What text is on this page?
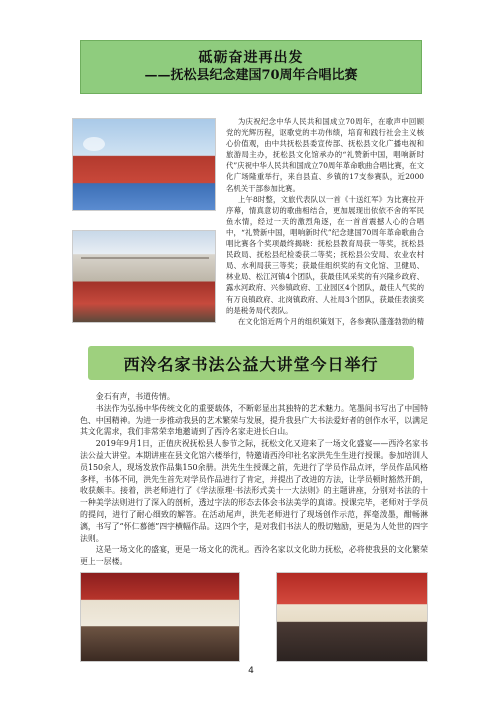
砥砺奋进再出发
——抚松县纪念建国70周年合唱比赛

为庆祝纪念中华人民共和国成立70周年，在歌声中回顾党的光辉历程，讴歌党的丰功伟绩，培育和践行社会主义核心价值观，由中共抚松县委宣传部、抚松县文化广播电视和旅游局主办，抚松县文化馆承办的“礼赞新中国，唱响新时代”庆祝中华人民共和国成立70周年革命歌曲合唱比赛，在文化广场隆重举行，来自县直、乡镇的17支参赛队，近2000名机关干部参加比赛。

上午8时整，文旅代表队以一首《十送红军》为比赛拉开序幕，情真意切的歌曲相结合，更加展现出依依不舍的军民鱼水情，经过一天的激烈角逐，在一首首震撼人心的合唱中，“礼赞新中国，唱响新时代”纪念建国70周年革命歌曲合唱比赛各个奖项最终揭晓：抚松县教育局获一等奖，抚松县民政局、抚松县纪检委获二等奖；抚松县公安局、农业农村局、水利局获三等奖；获最佳组织奖的有文化馆、卫健局、林业局、松江河镇4个团队，获最佳风采奖的有兴隆乡政府、露水河政府、兴参镇政府、工业园区4个团队，最佳人气奖的有万良镇政府、北岗镇政府、人社局3个团队，获最佳表演奖的是税务局代表队。

在文化馆近两个月的组织策划下，各参赛队蓬蓬勃勃的精

西泠名家书法公益大讲堂今日举行

金石有声，书道传情。

书法作为弘扬中华传统文化的重要载体，不断彰显出其独特的艺术魅力。笔墨间书写出了中国特色、中国精神。为进一步推动我县的艺术繁荣与发展，提升我县广大书法爱好者的创作水平，以满足其文化需求，我们非常荣幸地邀请到了西泠名家走进长白山。

2019年9月1日，正值庆祝抚松县人参节之际，抚松文化又迎来了一场文化盛宴——西泠名家书法公益大讲堂。本期讲座在县文化馆六楼举行，特邀请西泠印社名家洪先生生进行授课。参加培训人员150余人，现场发放作品集150余册。洪先生生授课之前，先进行了学员作品点评，学员作品风格多样，书体不同，洪先生首先对学员作品进行了肯定，并提出了改进的方法，让学员顿时豁然开朗，收获颇丰。接着，洪老师进行了《学法原理·书法形式美十一大法则》的主题讲座，分别对书法的十一种美学法则进行了深入的剖析，透过字法的形态去体会书法美学的真谛。授课完毕，老师对于学员的提问，进行了耐心细致的解答。在活动尾声，洪先老师进行了现场创作示范，挥毫泼墨，酣畅淋漓，书写了“怀仁慕德”四字横幅作品。这四个字，是对我们书法人的殷切勉励，更是为人处世的四字法则。

这是一场文化的盛宴，更是一场文化的洗礼。西泠名家以文化助力抚松，必将使我县的文化繁荣更上一层楼。

4
